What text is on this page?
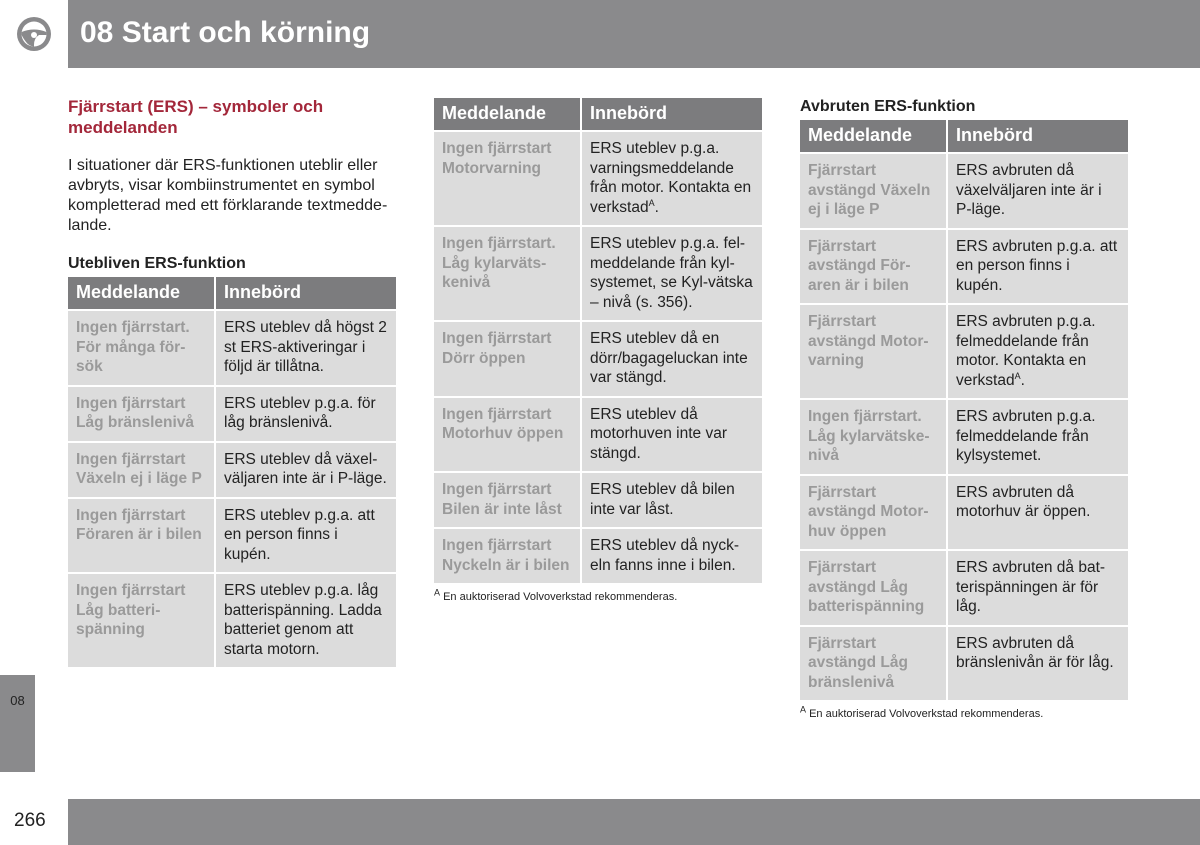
08 Start och körning
Fjärrstart (ERS) – symboler och meddelanden
I situationer där ERS-funktionen uteblir eller avbryts, visar kombiinstrumentet en symbol kompletterad med ett förklarande textmedde-lande.
Utebliven ERS-funktion
Meddelande	Innebörd
Ingen fjärrstart. För många för-sök	ERS uteblev då högst 2 st ERS-aktiveringar i följd är tillåtna.
Ingen fjärrstart Låg bränslenivå	ERS uteblev p.g.a. för låg bränslenivå.
Ingen fjärrstart Växeln ej i läge P	ERS uteblev då växel-väljaren inte är i P-läge.
Ingen fjärrstart Föraren är i bilen	ERS uteblev p.g.a. att en person finns i kupén.
Ingen fjärrstart Låg batteri-spänning	ERS uteblev p.g.a. låg batterispänning. Ladda batteriet genom att starta motorn.
Meddelande	Innebörd
Ingen fjärrstart Motorvarning	ERS uteblev p.g.a. varningsmeddelande från motor. Kontakta en verkstad$^A$.
Ingen fjärrstart. Låg kylarväts-kenivå	ERS uteblev p.g.a. fel-meddelande från kyl-systemet, se Kyl-vätska – nivå (s. 356).
Ingen fjärrstart Dörr öppen	ERS uteblev då en dörr/bagageluckan inte var stängd.
Ingen fjärrstart Motorhuv öppen	ERS uteblev då motorhuven inte var stängd.
Ingen fjärrstart Bilen är inte låst	ERS uteblev då bilen inte var låst.
Ingen fjärrstart Nyckeln är i bilen	ERS uteblev då nyck-eln fanns inne i bilen.
$^A$ En auktoriserad Volvoverkstad rekommenderas.
Avbruten ERS-funktion
Meddelande	Innebörd
Fjärrstart avstängd Växeln ej i läge P	ERS avbruten då växelväljaren inte är i P-läge.
Fjärrstart avstängd För-aren är i bilen	ERS avbruten p.g.a. att en person finns i kupén.
Fjärrstart avstängd Motor-varning	ERS avbruten p.g.a. felmeddelande från motor. Kontakta en verkstad$^A$.
Ingen fjärrstart. Låg kylarvätske-nivå	ERS avbruten p.g.a. felmeddelande från kylsystemet.
Fjärrstart avstängd Motor-huv öppen	ERS avbruten då motorhuv är öppen.
Fjärrstart avstängd Låg batterispänning	ERS avbruten då bat-terispänningen är för låg.
Fjärrstart avstängd Låg bränslenivå	ERS avbruten då bränslenivån är för låg.
$^A$ En auktoriserad Volvoverkstad rekommenderas.
08
266
